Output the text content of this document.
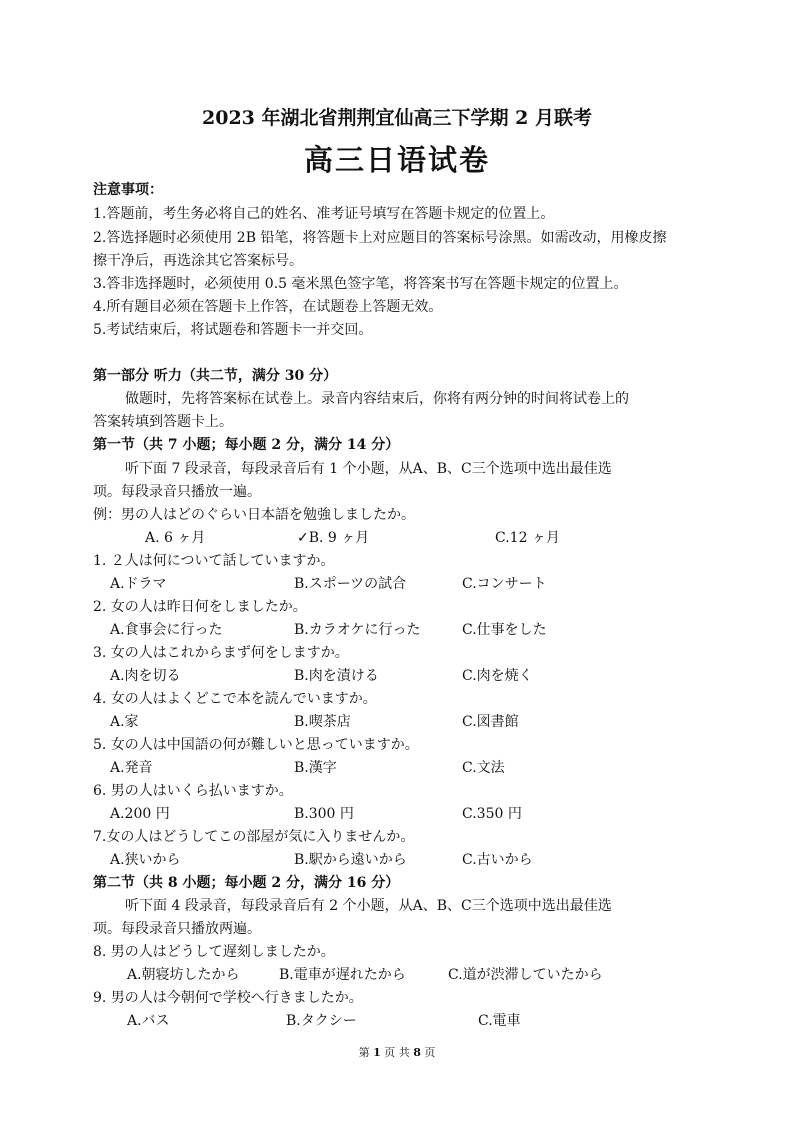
2023 年湖北省荆荆宜仙高三下学期 2 月联考
高三日语试卷
注意事项：
1.答题前，考生务必将自己的姓名、准考证号填写在答题卡规定的位置上。
2.答选择题时必须使用 2B 铅笔，将答题卡上对应题目的答案标号涂黑。如需改动，用橡皮擦
擦干净后，再选涂其它答案标号。
3.答非选择题时，必须使用 0.5 毫米黑色签字笔，将答案书写在答题卡规定的位置上。
4.所有题目必须在答题卡上作答，在试题卷上答题无效。
5.考试结束后，将试题卷和答题卡一并交回。
第一部分 听力（共二节，满分 30 分）
做题时，先将答案标在试卷上。录音内容结束后，你将有两分钟的时间将试卷上的
答案转填到答题卡上。
第一节（共 7 小题；每小题 2 分，满分 14 分）
听下面 7 段录音，每段录音后有 1 个小题，从A、B、C三个选项中选出最佳选
项。每段录音只播放一遍。
例：男の人はどのぐらい日本語を勉強しましたか。
A. 6 ヶ月	✓B. 9 ヶ月	C.12 ヶ月
1. ２人は何について話していますか。
A.ドラマ	B.スポーツの試合	C.コンサート
2. 女の人は昨日何をしましたか。
A.食事会に行った	B.カラオケに行った	C.仕事をした
3. 女の人はこれからまず何をしますか。
A.肉を切る	B.肉を漬ける	C.肉を焼く
4. 女の人はよくどこで本を読んでいますか。
A.家	B.喫茶店	C.図書館
5. 女の人は中国語の何が難しいと思っていますか。
A.発音	B.漢字	C.文法
6. 男の人はいくら払いますか。
A.200 円	B.300 円	C.350 円
7.女の人はどうしてこの部屋が気に入りませんか。
A.狭いから	B.駅から遠いから	C.古いから
第二节（共 8 小题；每小题 2 分，满分 16 分）
听下面 4 段录音，每段录音后有 2 个小题，从A、B、C三个选项中选出最佳选
项。每段录音只播放两遍。
8. 男の人はどうして遅刻しましたか。
A.朝寝坊したから	B.電車が遅れたから	C.道が渋滞していたから
9. 男の人は今朝何で学校へ行きましたか。
A.バス	B.タクシー	C.電車
第 1 页 共 8 页
